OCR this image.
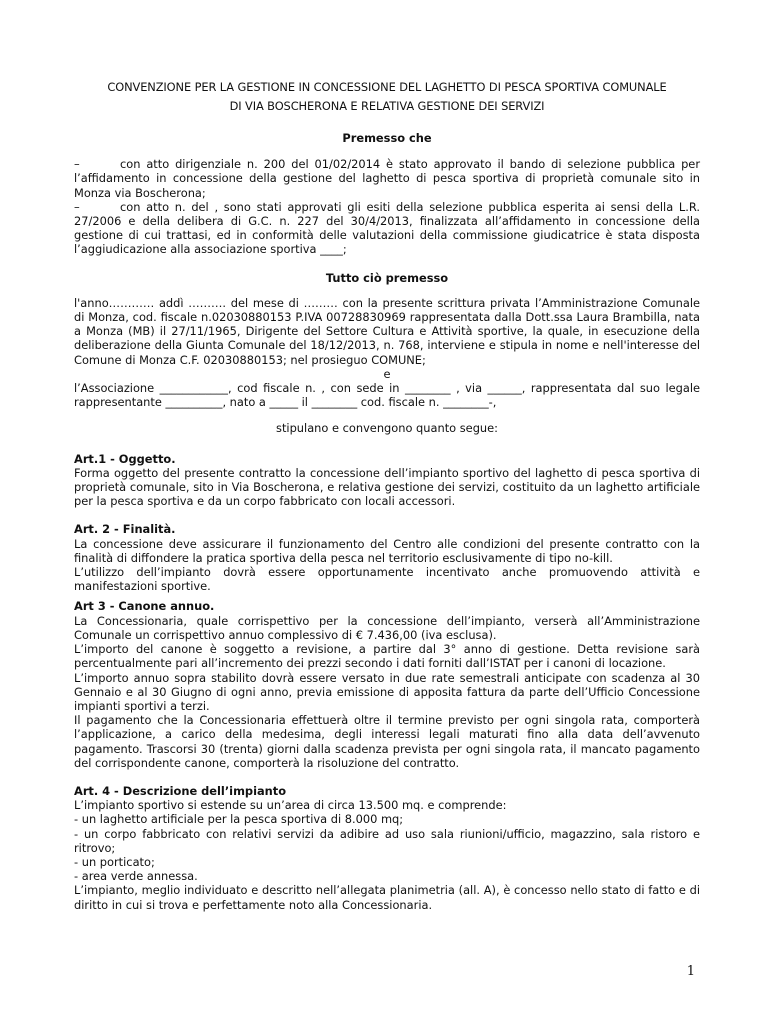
CONVENZIONE PER LA GESTIONE IN CONCESSIONE DEL LAGHETTO DI PESCA SPORTIVA COMUNALE

DI VIA BOSCHERONA E RELATIVA GESTIONE DEI SERVIZI

Premesso che

–	con atto dirigenziale n. 200 del 01/02/2014 è stato approvato il bando di selezione pubblica per l’affidamento in concessione della gestione del laghetto di pesca sportiva di proprietà comunale sito in Monza via Boscherona;

–	con atto n. del , sono stati approvati gli esiti della selezione pubblica esperita ai sensi della L.R. 27/2006 e della delibera di G.C. n. 227 del 30/4/2013, finalizzata all’affidamento in concessione della gestione di cui trattasi, ed in conformità delle valutazioni della commissione giudicatrice è stata disposta l’aggiudicazione alla associazione sportiva ____;

Tutto ciò premesso

l'anno………… addì ………. del mese di ……… con la presente scrittura privata l’Amministrazione Comunale di Monza, cod. fiscale n.02030880153 P.IVA 00728830969 rappresentata dalla Dott.ssa Laura Brambilla, nata a Monza (MB) il 27/11/1965, Dirigente del Settore Cultura e Attività sportive, la quale, in esecuzione della deliberazione della Giunta Comunale del 18/12/2013, n. 768, interviene e stipula in nome e nell'interesse del Comune di Monza C.F. 02030880153; nel prosieguo COMUNE;

e

l’Associazione ____________, cod fiscale n. , con sede in ________ , via ______, rappresentata dal suo legale rappresentante __________, nato a _____ il ________ cod. fiscale n. ________-,

stipulano e convengono quanto segue:

Art.1 - Oggetto.

Forma oggetto del presente contratto la concessione dell’impianto sportivo del laghetto di pesca sportiva di proprietà comunale, sito in Via Boscherona, e relativa gestione dei servizi, costituito da un laghetto artificiale per la pesca sportiva e da un corpo fabbricato con locali accessori.

Art. 2 - Finalità.

La concessione deve assicurare il funzionamento del Centro alle condizioni del presente contratto con la finalità di diffondere la pratica sportiva della pesca nel territorio esclusivamente di tipo no-kill.

L’utilizzo dell’impianto dovrà essere opportunamente incentivato anche promuovendo attività e manifestazioni sportive.

Art 3 - Canone annuo.

La Concessionaria, quale corrispettivo per la concessione dell’impianto, verserà all’Amministrazione Comunale un corrispettivo annuo complessivo di € 7.436,00 (iva esclusa).

L’importo del canone è soggetto a revisione, a partire dal 3° anno di gestione. Detta revisione sarà percentualmente pari all’incremento dei prezzi secondo i dati forniti dall’ISTAT per i canoni di locazione.

L’importo annuo sopra stabilito dovrà essere versato in due rate semestrali anticipate con scadenza al 30 Gennaio e al 30 Giugno di ogni anno, previa emissione di apposita fattura da parte dell’Ufficio Concessione impianti sportivi a terzi.

Il pagamento che la Concessionaria effettuerà oltre il termine previsto per ogni singola rata, comporterà l’applicazione, a carico della medesima, degli interessi legali maturati fino alla data dell’avvenuto pagamento. Trascorsi 30 (trenta) giorni dalla scadenza prevista per ogni singola rata, il mancato pagamento del corrispondente canone, comporterà la risoluzione del contratto.

Art. 4 - Descrizione dell’impianto

L’impianto sportivo si estende su un’area di circa 13.500 mq. e comprende:

- un laghetto artificiale per la pesca sportiva di 8.000 mq;

- un corpo fabbricato con relativi servizi da adibire ad uso sala riunioni/ufficio, magazzino, sala ristoro e ritrovo;

- un porticato;

- area verde annessa.

L’impianto, meglio individuato e descritto nell’allegata planimetria (all. A), è concesso nello stato di fatto e di diritto in cui si trova e perfettamente noto alla Concessionaria.

1
